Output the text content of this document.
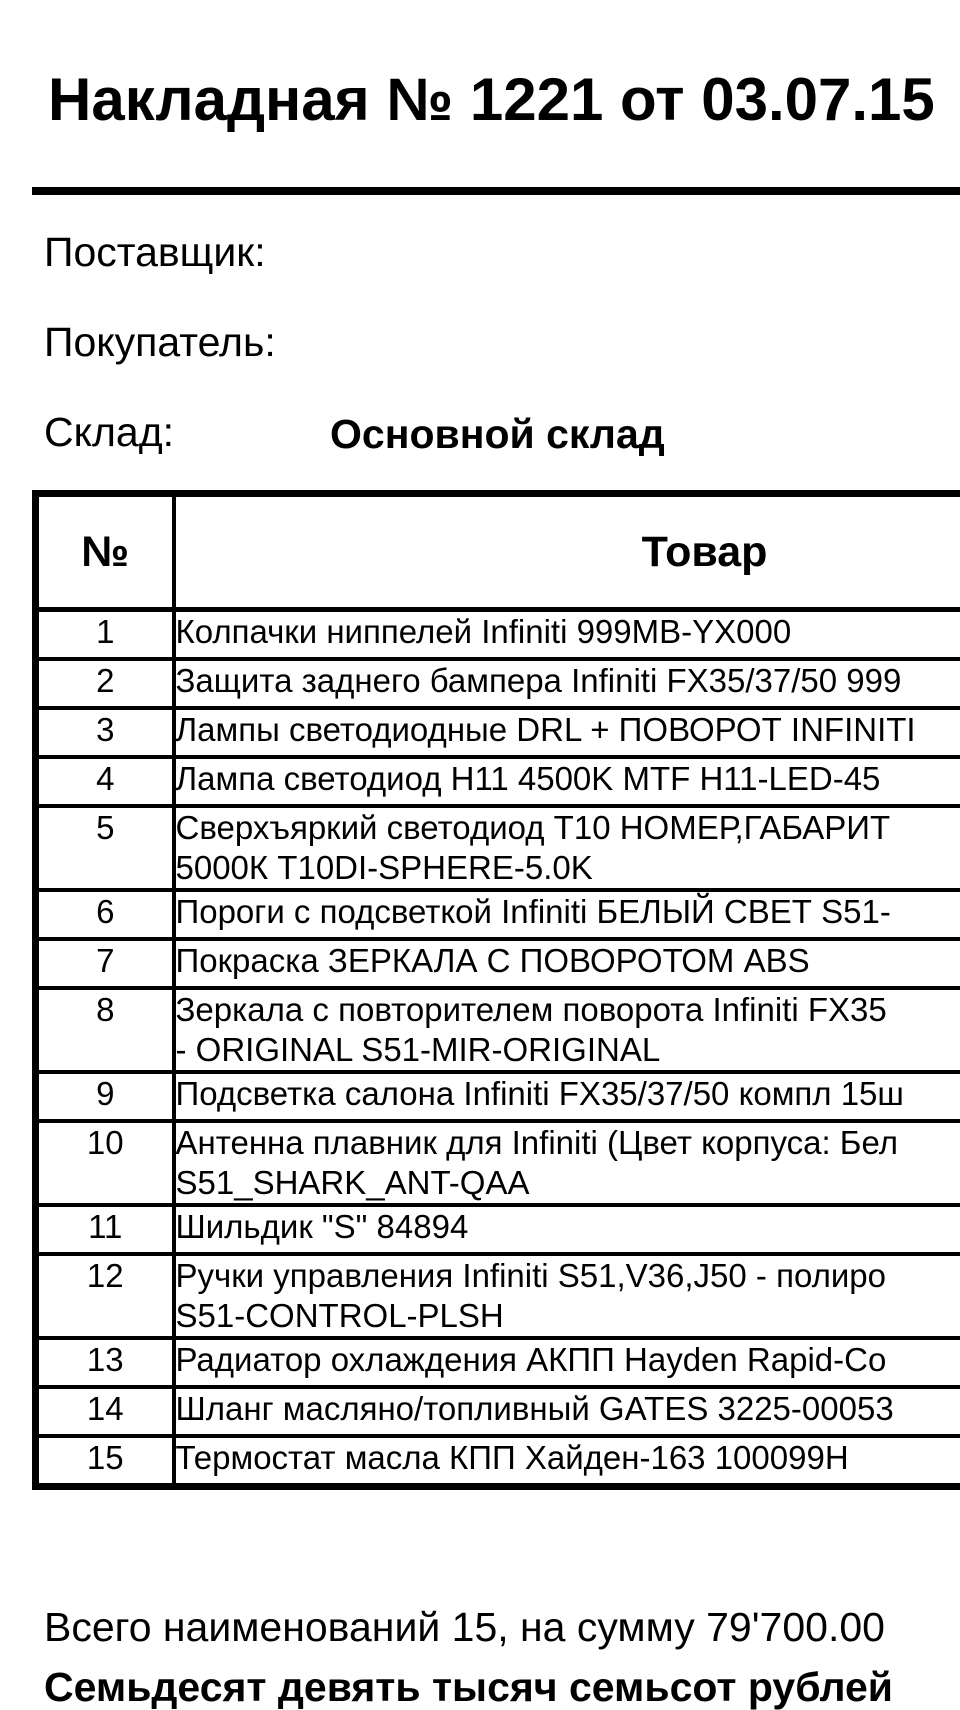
Накладная № 1221 от 03.07.15
Поставщик:
Покупатель:
Склад:	Основной склад
№	Товар
1	Колпачки ниппелей Infiniti 999MB-YX000
2	Защита заднего бампера Infiniti FX35/37/50 999
3	Лампы светодиодные DRL + ПОВОРОТ INFINITI
4	Лампа светодиод H11 4500K MTF H11-LED-45
5	Сверхъяркий светодиод Т10 НОМЕР,ГАБАРИТ
5000К T10DI-SPHERE-5.0K
6	Пороги с подсветкой Infiniti БЕЛЫЙ СВЕТ S51-
7	Покраска ЗЕРКАЛА С ПОВОРОТОМ ABS
8	Зеркала с повторителем поворота Infiniti FX35
- ORIGINAL S51-MIR-ORIGINAL
9	Подсветка салона Infiniti FX35/37/50 компл 15ш
10	Антенна плавник для Infiniti (Цвет корпуса: Бел
S51_SHARK_ANT-QAA
11	Шильдик "S" 84894
12	Ручки управления Infiniti S51,V36,J50 - полиро
S51-CONTROL-PLSH
13	Радиатор охлаждения АКПП Hayden Rapid-Co
14	Шланг масляно/топливный GATES 3225-00053
15	Термостат масла КПП Хайден-163 100099Н
Всего наименований 15, на сумму 79'700.00
Семьдесят девять тысяч семьсот рублей
